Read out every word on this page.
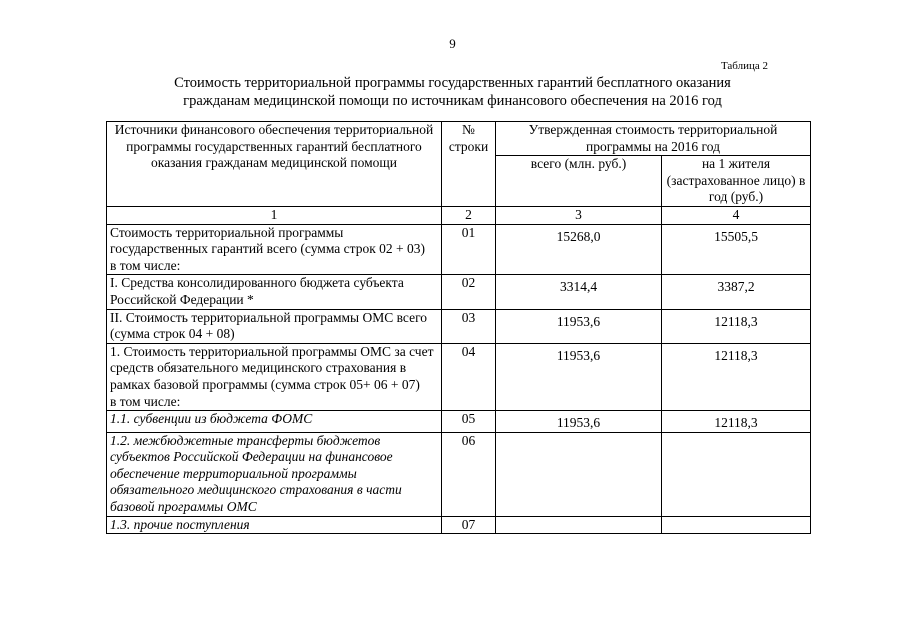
9
Таблица 2
Стоимость территориальной программы государственных гарантий бесплатного оказания
гражданам медицинской помощи по источникам финансового обеспечения на 2016 год
Источники финансового обеспечения территориальной программы государственных гарантий бесплатного оказания гражданам медицинской помощи	№ строки	Утвержденная стоимость территориальной программы на 2016 год	
		всего (млн. руб.)	на 1 жителя (застрахованное лицо) в год (руб.)
1	2	3	4

Стоимость территориальной программы государственных гарантий всего (сумма строк 02 + 03)
в том числе:	01	15268,0	15505,5
I. Средства консолидированного бюджета субъекта Российской Федерации *	02	3314,4	3387,2
II. Стоимость территориальной программы ОМС всего (сумма строк 04 + 08)	03	11953,6	12118,3

1. Стоимость территориальной программы ОМС за счет средств обязательного медицинского страхования в рамках базовой программы (сумма строк 05+ 06 + 07)
в том числе:	04	11953,6	12118,3
1.1. субвенции из бюджета ФОМС	05	11953,6	12118,3
1.2. межбюджетные трансферты бюджетов субъектов Российской Федерации на финансовое обеспечение территориальной программы обязательного медицинского страхования в части базовой программы ОМС	06		
1.3. прочие поступления	07		
